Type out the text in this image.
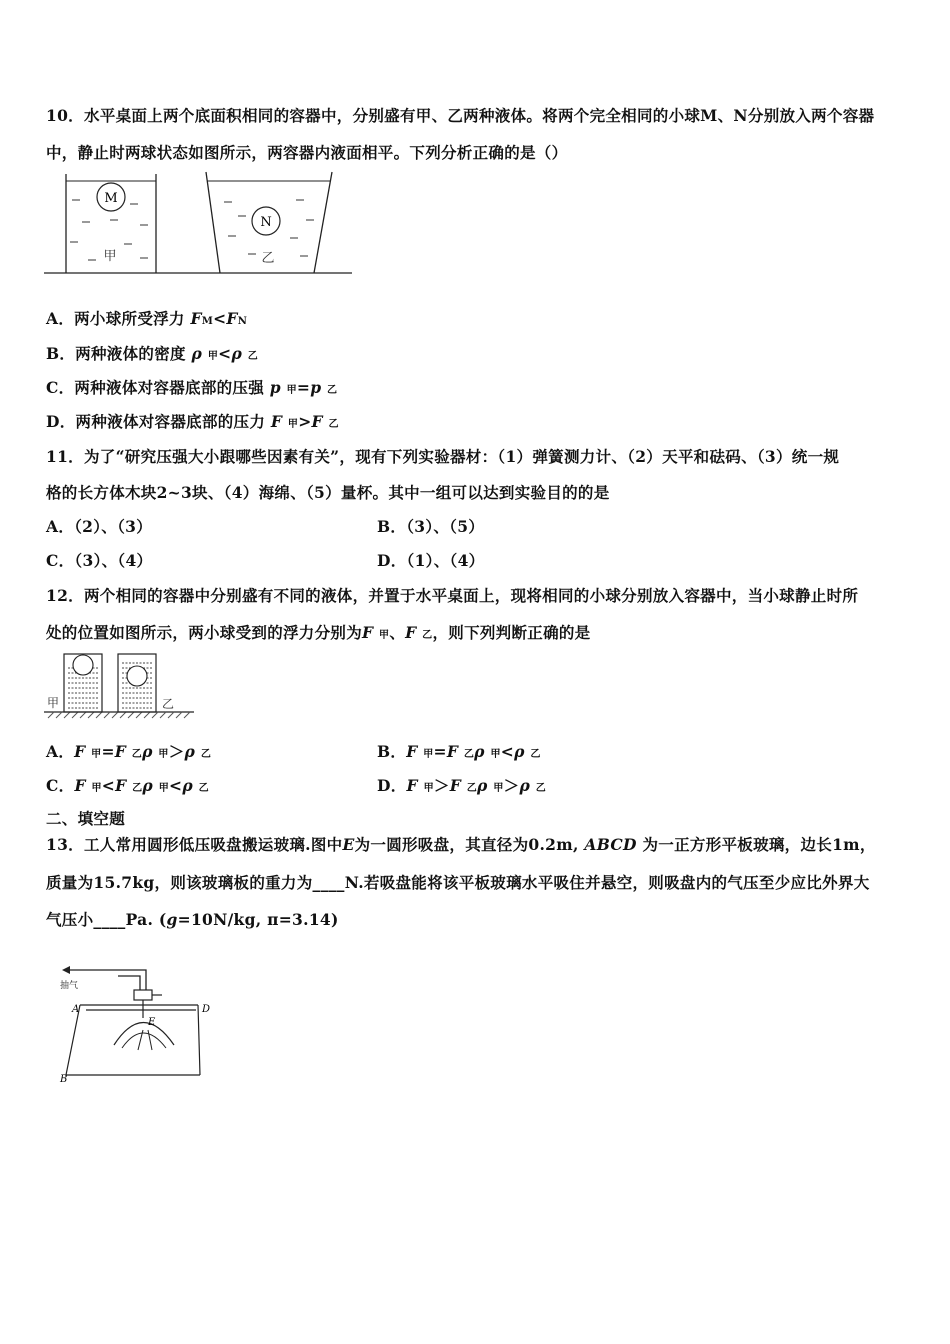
10．水平桌面上两个底面积相同的容器中，分别盛有甲、乙两种液体。将两个完全相同的小球M、N分别放入两个容器
中，静止时两球状态如图所示，两容器内液面相平。下列分析正确的是（）
M
甲
N
乙
A．两小球所受浮力 FM<FN
B．两种液体的密度 ρ 甲<ρ 乙
C．两种液体对容器底部的压强 p 甲=p 乙
D．两种液体对容器底部的压力 F 甲>F 乙
11．为了“研究压强大小跟哪些因素有关”，现有下列实验器材：（1）弹簧测力计、（2）天平和砝码、（3）统一规
格的长方体木块2~3块、（4）海绵、（5）量杯。其中一组可以达到实验目的的是
A．（2）、（3）	B．（3）、（5）
C．（3）、（4）	D．（1）、（4）
12．两个相同的容器中分别盛有不同的液体，并置于水平桌面上，现将相同的小球分别放入容器中，当小球静止时所
处的位置如图所示，两小球受到的浮力分别为F 甲、F 乙，则下列判断正确的是
甲	乙
A．F 甲=F 乙ρ 甲＞ρ 乙	B．F 甲=F 乙ρ 甲<ρ 乙
C．F 甲<F 乙ρ 甲<ρ 乙	D．F 甲＞F 乙ρ 甲＞ρ 乙
二、填空题
13．工人常用圆形低压吸盘搬运玻璃.图中E为一圆形吸盘，其直径为0.2m, ABCD 为一正方形平板玻璃，边长1m，
质量为15.7kg，则该玻璃板的重力为____N.若吸盘能将该平板玻璃水平吸住并悬空，则吸盘内的气压至少应比外界大
气压小____Pa. (g=10N/kg, π=3.14)
抽气
A
B
D
E
